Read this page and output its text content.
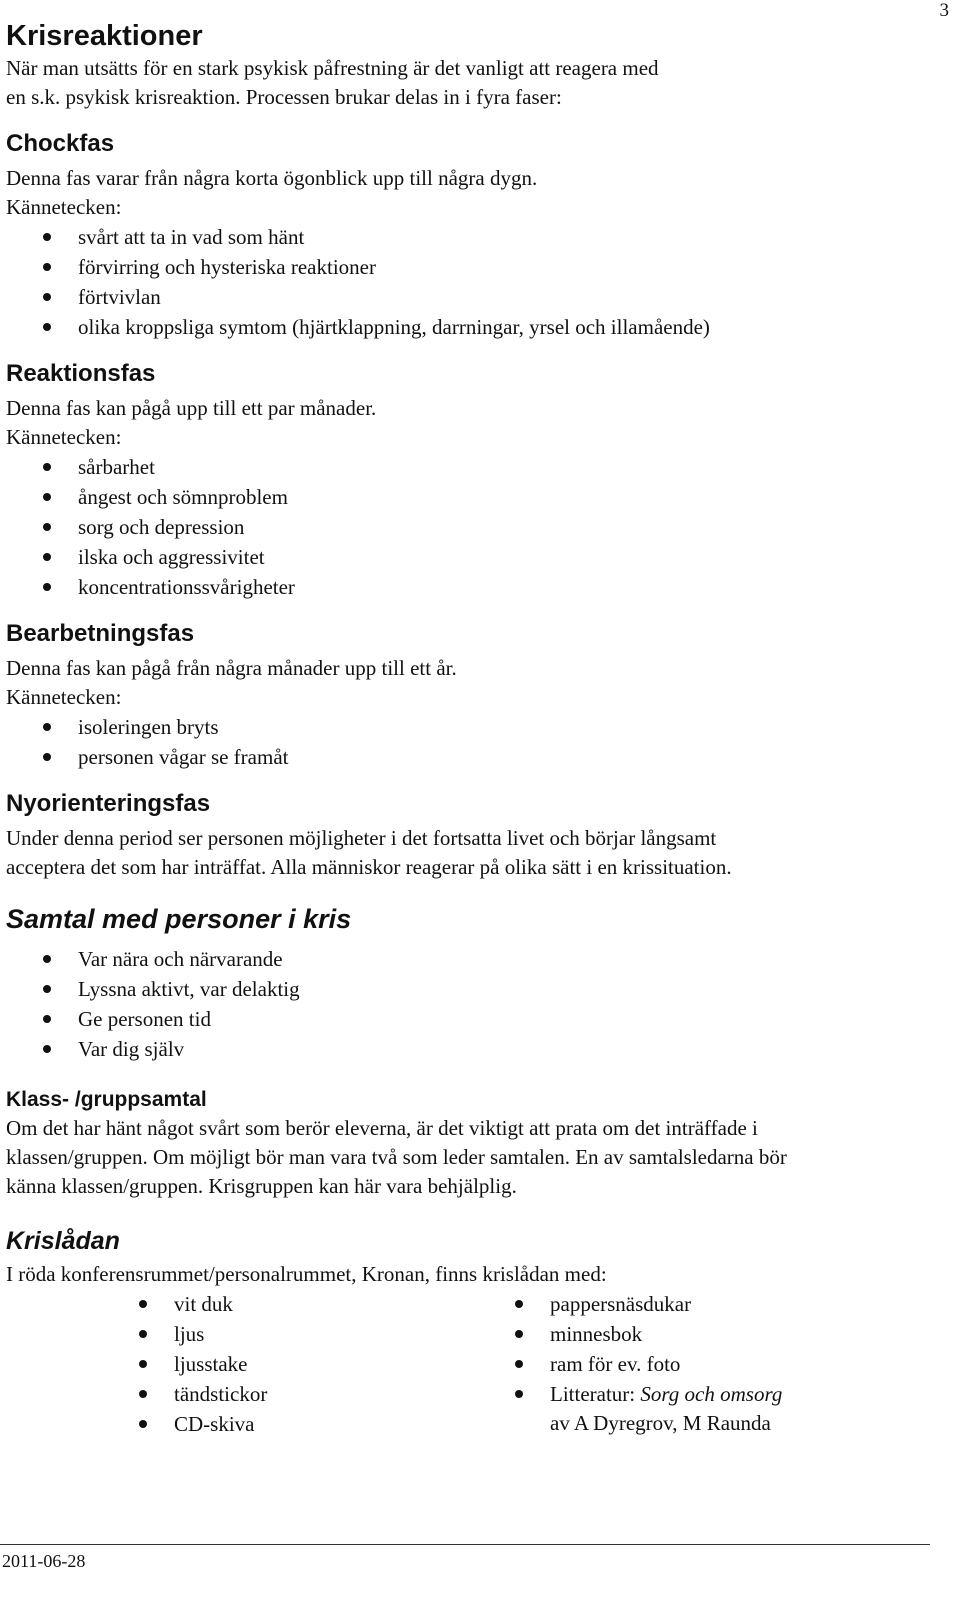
3
Krisreaktioner

När man utsätts för en stark psykisk påfrestning är det vanligt att reagera med

en s.k. psykisk krisreaktion. Processen brukar delas in i fyra faser:

Chockfas

Denna fas varar från några korta ögonblick upp till några dygn.

Kännetecken:

svårt att ta in vad som hänt
förvirring och hysteriska reaktioner
förtvivlan
olika kroppsliga symtom (hjärtklappning, darrningar, yrsel och illamående)
Reaktionsfas

Denna fas kan pågå upp till ett par månader.

Kännetecken:

sårbarhet
ångest och sömnproblem
sorg och depression
ilska och aggressivitet
koncentrationssvårigheter
Bearbetningsfas

Denna fas kan pågå från några månader upp till ett år.

Kännetecken:

isoleringen bryts
personen vågar se framåt
Nyorienteringsfas

Under denna period ser personen möjligheter i det fortsatta livet och börjar långsamt

acceptera det som har inträffat. Alla människor reagerar på olika sätt i en krissituation.

Samtal med personer i kris
Var nära och närvarande
Lyssna aktivt, var delaktig
Ge personen tid
Var dig själv
Klass- /gruppsamtal

Om det har hänt något svårt som berör eleverna, är det viktigt att prata om det inträffade i

klassen/gruppen. Om möjligt bör man vara två som leder samtalen. En av samtalsledarna bör

känna klassen/gruppen. Krisgruppen kan här vara behjälplig.

Krislådan

I röda konferensrummet/personalrummet, Kronan, finns krislådan med:

vit duk
ljus
ljusstake
tändstickor
CD-skiva
pappersnäsdukar
minnesbok
ram för ev. foto
Litteratur: Sorg och omsorg
av A Dyregrov, M Raunda
2011-06-28
